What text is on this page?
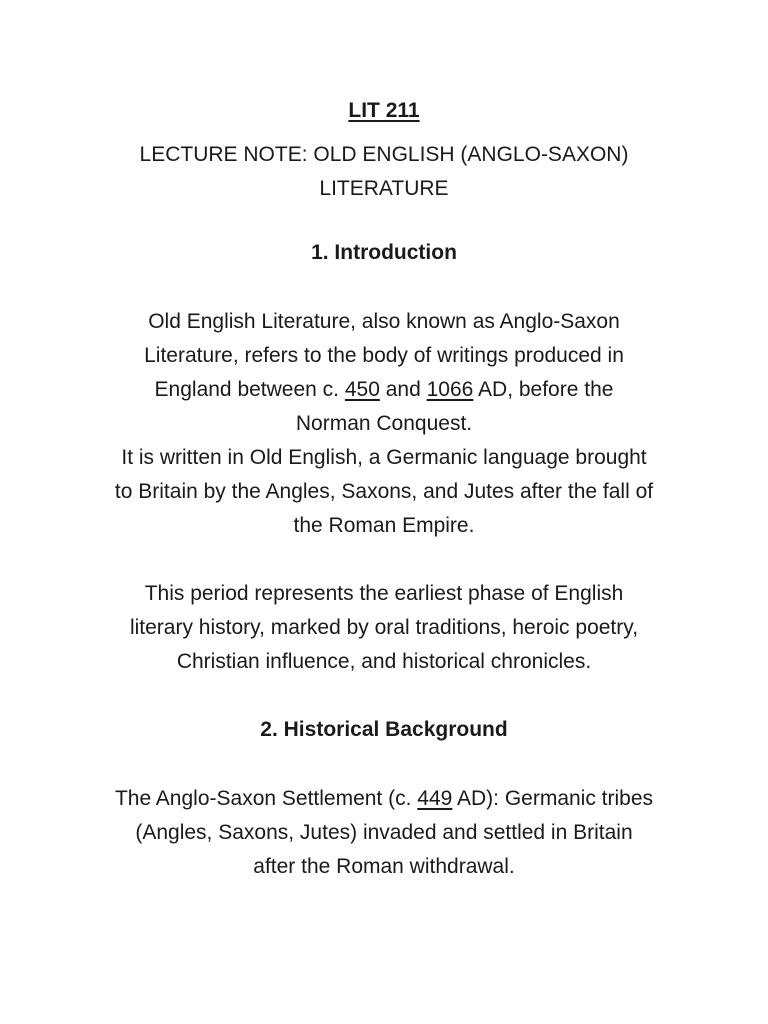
LIT 211

LECTURE NOTE: OLD ENGLISH (ANGLO-SAXON)
LITERATURE

1. Introduction

Old English Literature, also known as Anglo-Saxon
Literature, refers to the body of writings produced in
England between c. 450 and 1066 AD, before the
Norman Conquest.

It is written in Old English, a Germanic language brought
to Britain by the Angles, Saxons, and Jutes after the fall of
the Roman Empire.

This period represents the earliest phase of English
literary history, marked by oral traditions, heroic poetry,
Christian influence, and historical chronicles.

2. Historical Background

The Anglo-Saxon Settlement (c. 449 AD): Germanic tribes
(Angles, Saxons, Jutes) invaded and settled in Britain
after the Roman withdrawal.
